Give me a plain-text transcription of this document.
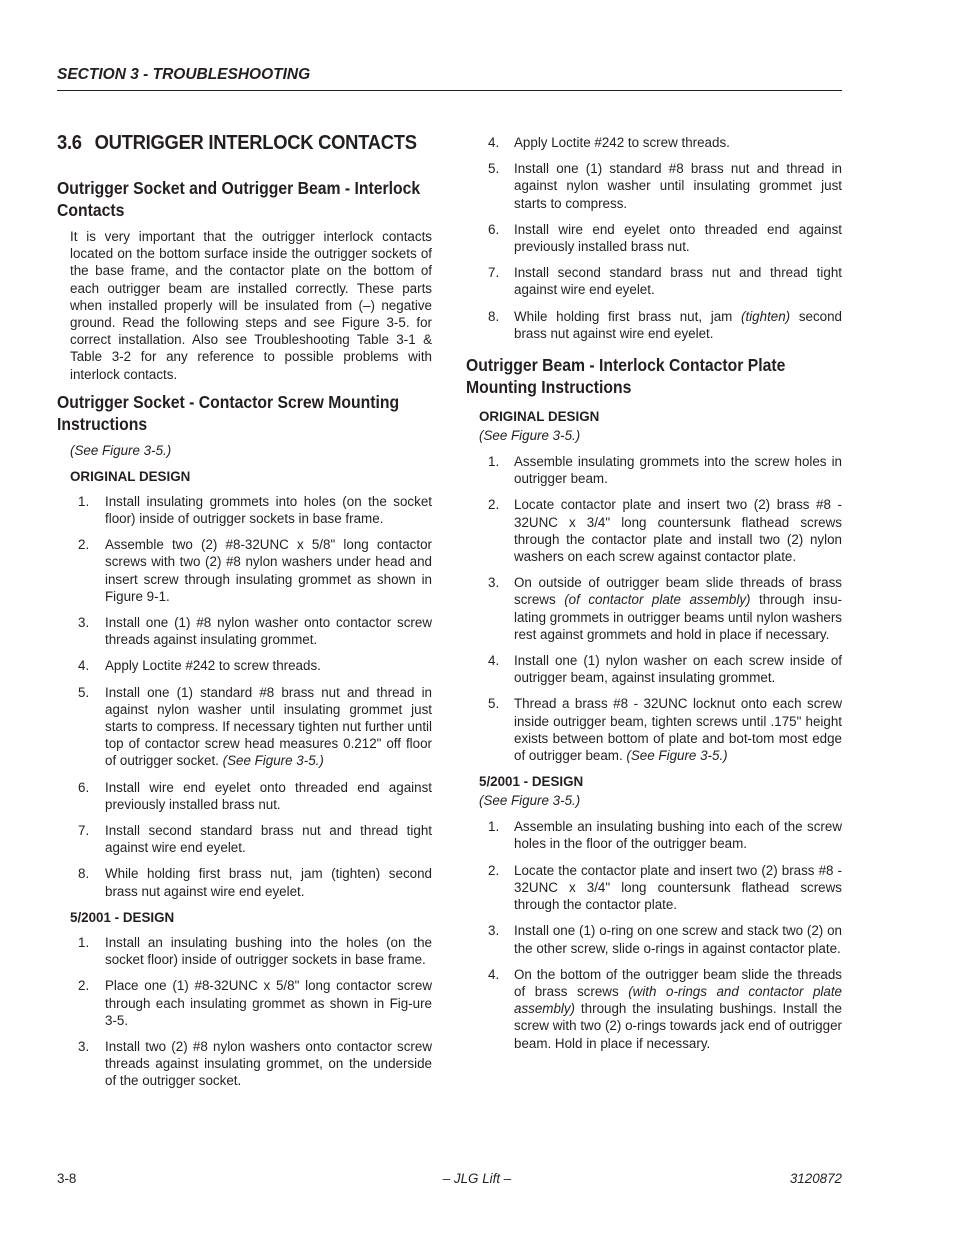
SECTION 3 - TROUBLESHOOTING
3.6 OUTRIGGER INTERLOCK CONTACTS
Outrigger Socket and Outrigger Beam - Interlock Contacts

It is very important that the outrigger interlock contacts located on the bottom surface inside the outrigger sockets of the base frame, and the contactor plate on the bottom of each outrigger beam are installed correctly. These parts when installed properly will be insulated from (–) negative ground. Read the following steps and see Figure 3-5. for correct installation. Also see Troubleshooting Table 3-1 & Table 3-2 for any reference to possible problems with interlock contacts.

Outrigger Socket - Contactor Screw Mounting Instructions

(See Figure 3-5.)

ORIGINAL DESIGN

1. Install insulating grommets into holes (on the socket floor) inside of outrigger sockets in base frame.
2. Assemble two (2) #8-32UNC x 5/8" long contactor screws with two (2) #8 nylon washers under head and insert screw through insulating grommet as shown in Figure 9-1.
3. Install one (1) #8 nylon washer onto contactor screw threads against insulating grommet.
4. Apply Loctite #242 to screw threads.
5. Install one (1) standard #8 brass nut and thread in against nylon washer until insulating grommet just starts to compress. If necessary tighten nut further until top of contactor screw head measures 0.212" off floor of outrigger socket. (See Figure 3-5.)
6. Install wire end eyelet onto threaded end against previously installed brass nut.
7. Install second standard brass nut and thread tight against wire end eyelet.
8. While holding first brass nut, jam (tighten) second brass nut against wire end eyelet.

5/2001 - DESIGN

1. Install an insulating bushing into the holes (on the socket floor) inside of outrigger sockets in base frame.
2. Place one (1) #8-32UNC x 5/8" long contactor screw through each insulating grommet as shown in Fig-ure 3-5.
3. Install two (2) #8 nylon washers onto contactor screw threads against insulating grommet, on the underside of the outrigger socket.
4. Apply Loctite #242 to screw threads.
5. Install one (1) standard #8 brass nut and thread in against nylon washer until insulating grommet just starts to compress.
6. Install wire end eyelet onto threaded end against previously installed brass nut.
7. Install second standard brass nut and thread tight against wire end eyelet.
8. While holding first brass nut, jam (tighten) second brass nut against wire end eyelet.
Outrigger Beam - Interlock Contactor Plate Mounting Instructions

ORIGINAL DESIGN

(See Figure 3-5.)

1. Assemble insulating grommets into the screw holes in outrigger beam.
2. Locate contactor plate and insert two (2) brass #8 - 32UNC x 3/4" long countersunk flathead screws through the contactor plate and install two (2) nylon washers on each screw against contactor plate.
3. On outside of outrigger beam slide threads of brass screws (of contactor plate assembly) through insu-lating grommets in outrigger beams until nylon washers rest against grommets and hold in place if necessary.
4. Install one (1) nylon washer on each screw inside of outrigger beam, against insulating grommet.
5. Thread a brass #8 - 32UNC locknut onto each screw inside outrigger beam, tighten screws until .175" height exists between bottom of plate and bot-tom most edge of outrigger beam. (See Figure 3-5.)

5/2001 - DESIGN

(See Figure 3-5.)

1. Assemble an insulating bushing into each of the screw holes in the floor of the outrigger beam.
2. Locate the contactor plate and insert two (2) brass #8 - 32UNC x 3/4" long countersunk flathead screws through the contactor plate.
3. Install one (1) o-ring on one screw and stack two (2) on the other screw, slide o-rings in against contactor plate.
4. On the bottom of the outrigger beam slide the threads of brass screws (with o-rings and contactor plate assembly) through the insulating bushings. Install the screw with two (2) o-rings towards jack end of outrigger beam. Hold in place if necessary.
3-8	– JLG Lift –	3120872
